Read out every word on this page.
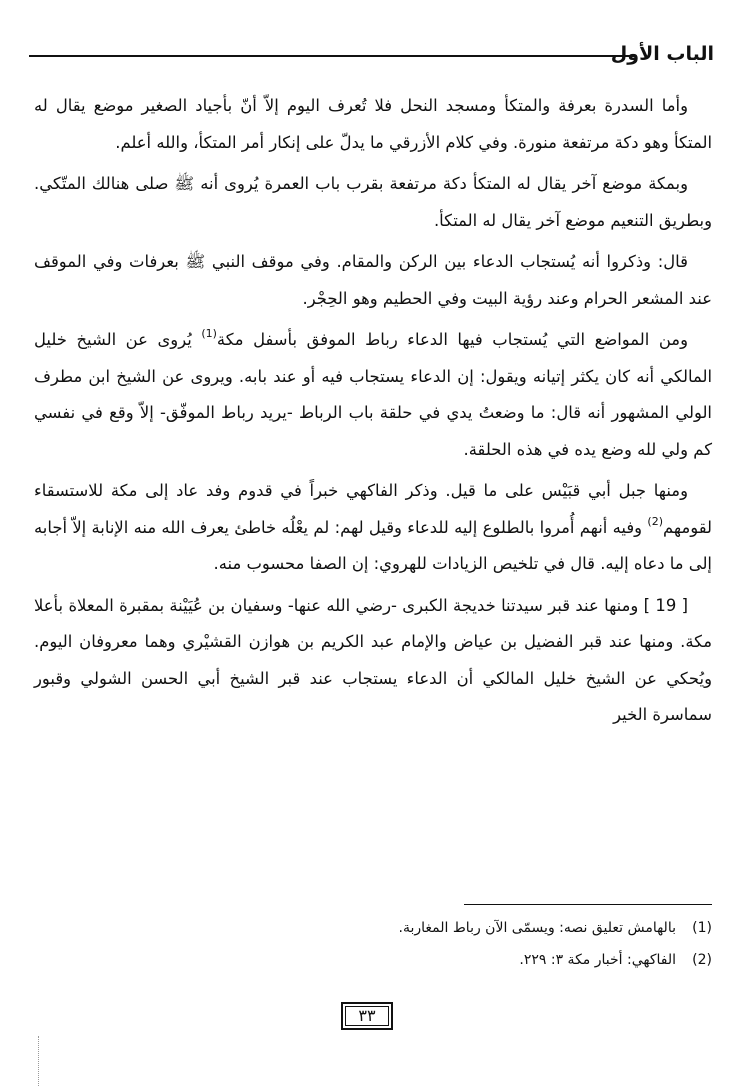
الباب الأول

وأما السدرة بعرفة والمتكأ ومسجد النحل فلا تُعرف اليوم إلاّ أنّ بأجياد الصغير موضع يقال له المتكأ وهو دكة مرتفعة منورة. وفي كلام الأزرقي ما يدلّ على إنكار أمر المتكأ، والله أعلم.

وبمكة موضع آخر يقال له المتكأ دكة مرتفعة بقرب باب العمرة يُروى أنه ﷺ صلى هنالك المتّكي. وبطريق التنعيم موضع آخر يقال له المتكأ.

قال: وذكروا أنه يُستجاب الدعاء بين الركن والمقام. وفي موقف النبي ﷺ بعرفات وفي الموقف عند المشعر الحرام وعند رؤية البيت وفي الحطيم وهو الحِجْر.

ومن المواضع التي يُستجاب فيها الدعاء رباط الموفق بأسفل مكة$^{(1)}$ يُروى عن الشيخ خليل المالكي أنه كان يكثر إتيانه ويقول: إن الدعاء يستجاب فيه أو عند بابه. ويروى عن الشيخ ابن مطرف الولي المشهور أنه قال: ما وضعتُ يدي في حلقة باب الرباط -يريد رباط الموفّق- إلاّ وقع في نفسي كم ولي لله وضع يده في هذه الحلقة.

ومنها جبل أبي قبَيْس على ما قيل. وذكر الفاكهي خبراً في قدوم وفد عاد إلى مكة للاستسقاء لقومهم$^{(2)}$ وفيه أنهم أُمروا بالطلوع إليه للدعاء وقيل لهم: لم يعْلُه خاطئ يعرف الله منه الإنابة إلاّ أجابه إلى ما دعاه إليه. قال في تلخيص الزيادات للهروي: إن الصفا محسوب منه.

[ 19 ] ومنها عند قبر سيدتنا خديجة الكبرى -رضي الله عنها- وسفيان بن عُيَيْنة بمقبرة المعلاة بأعلا مكة. ومنها عند قبر الفضيل بن عياض والإمام عبد الكريم بن هوازن القشيْري وهما معروفان اليوم. ويُحكي عن الشيخ خليل المالكي أن الدعاء يستجاب عند قبر الشيخ أبي الحسن الشولي وقبور سماسرة الخير

(1)بالهامش تعليق نصه: ويسمّى الآن رباط المغاربة.
(2)الفاكهي: أخبار مكة ٣: ٢٢٩.
٣٣
